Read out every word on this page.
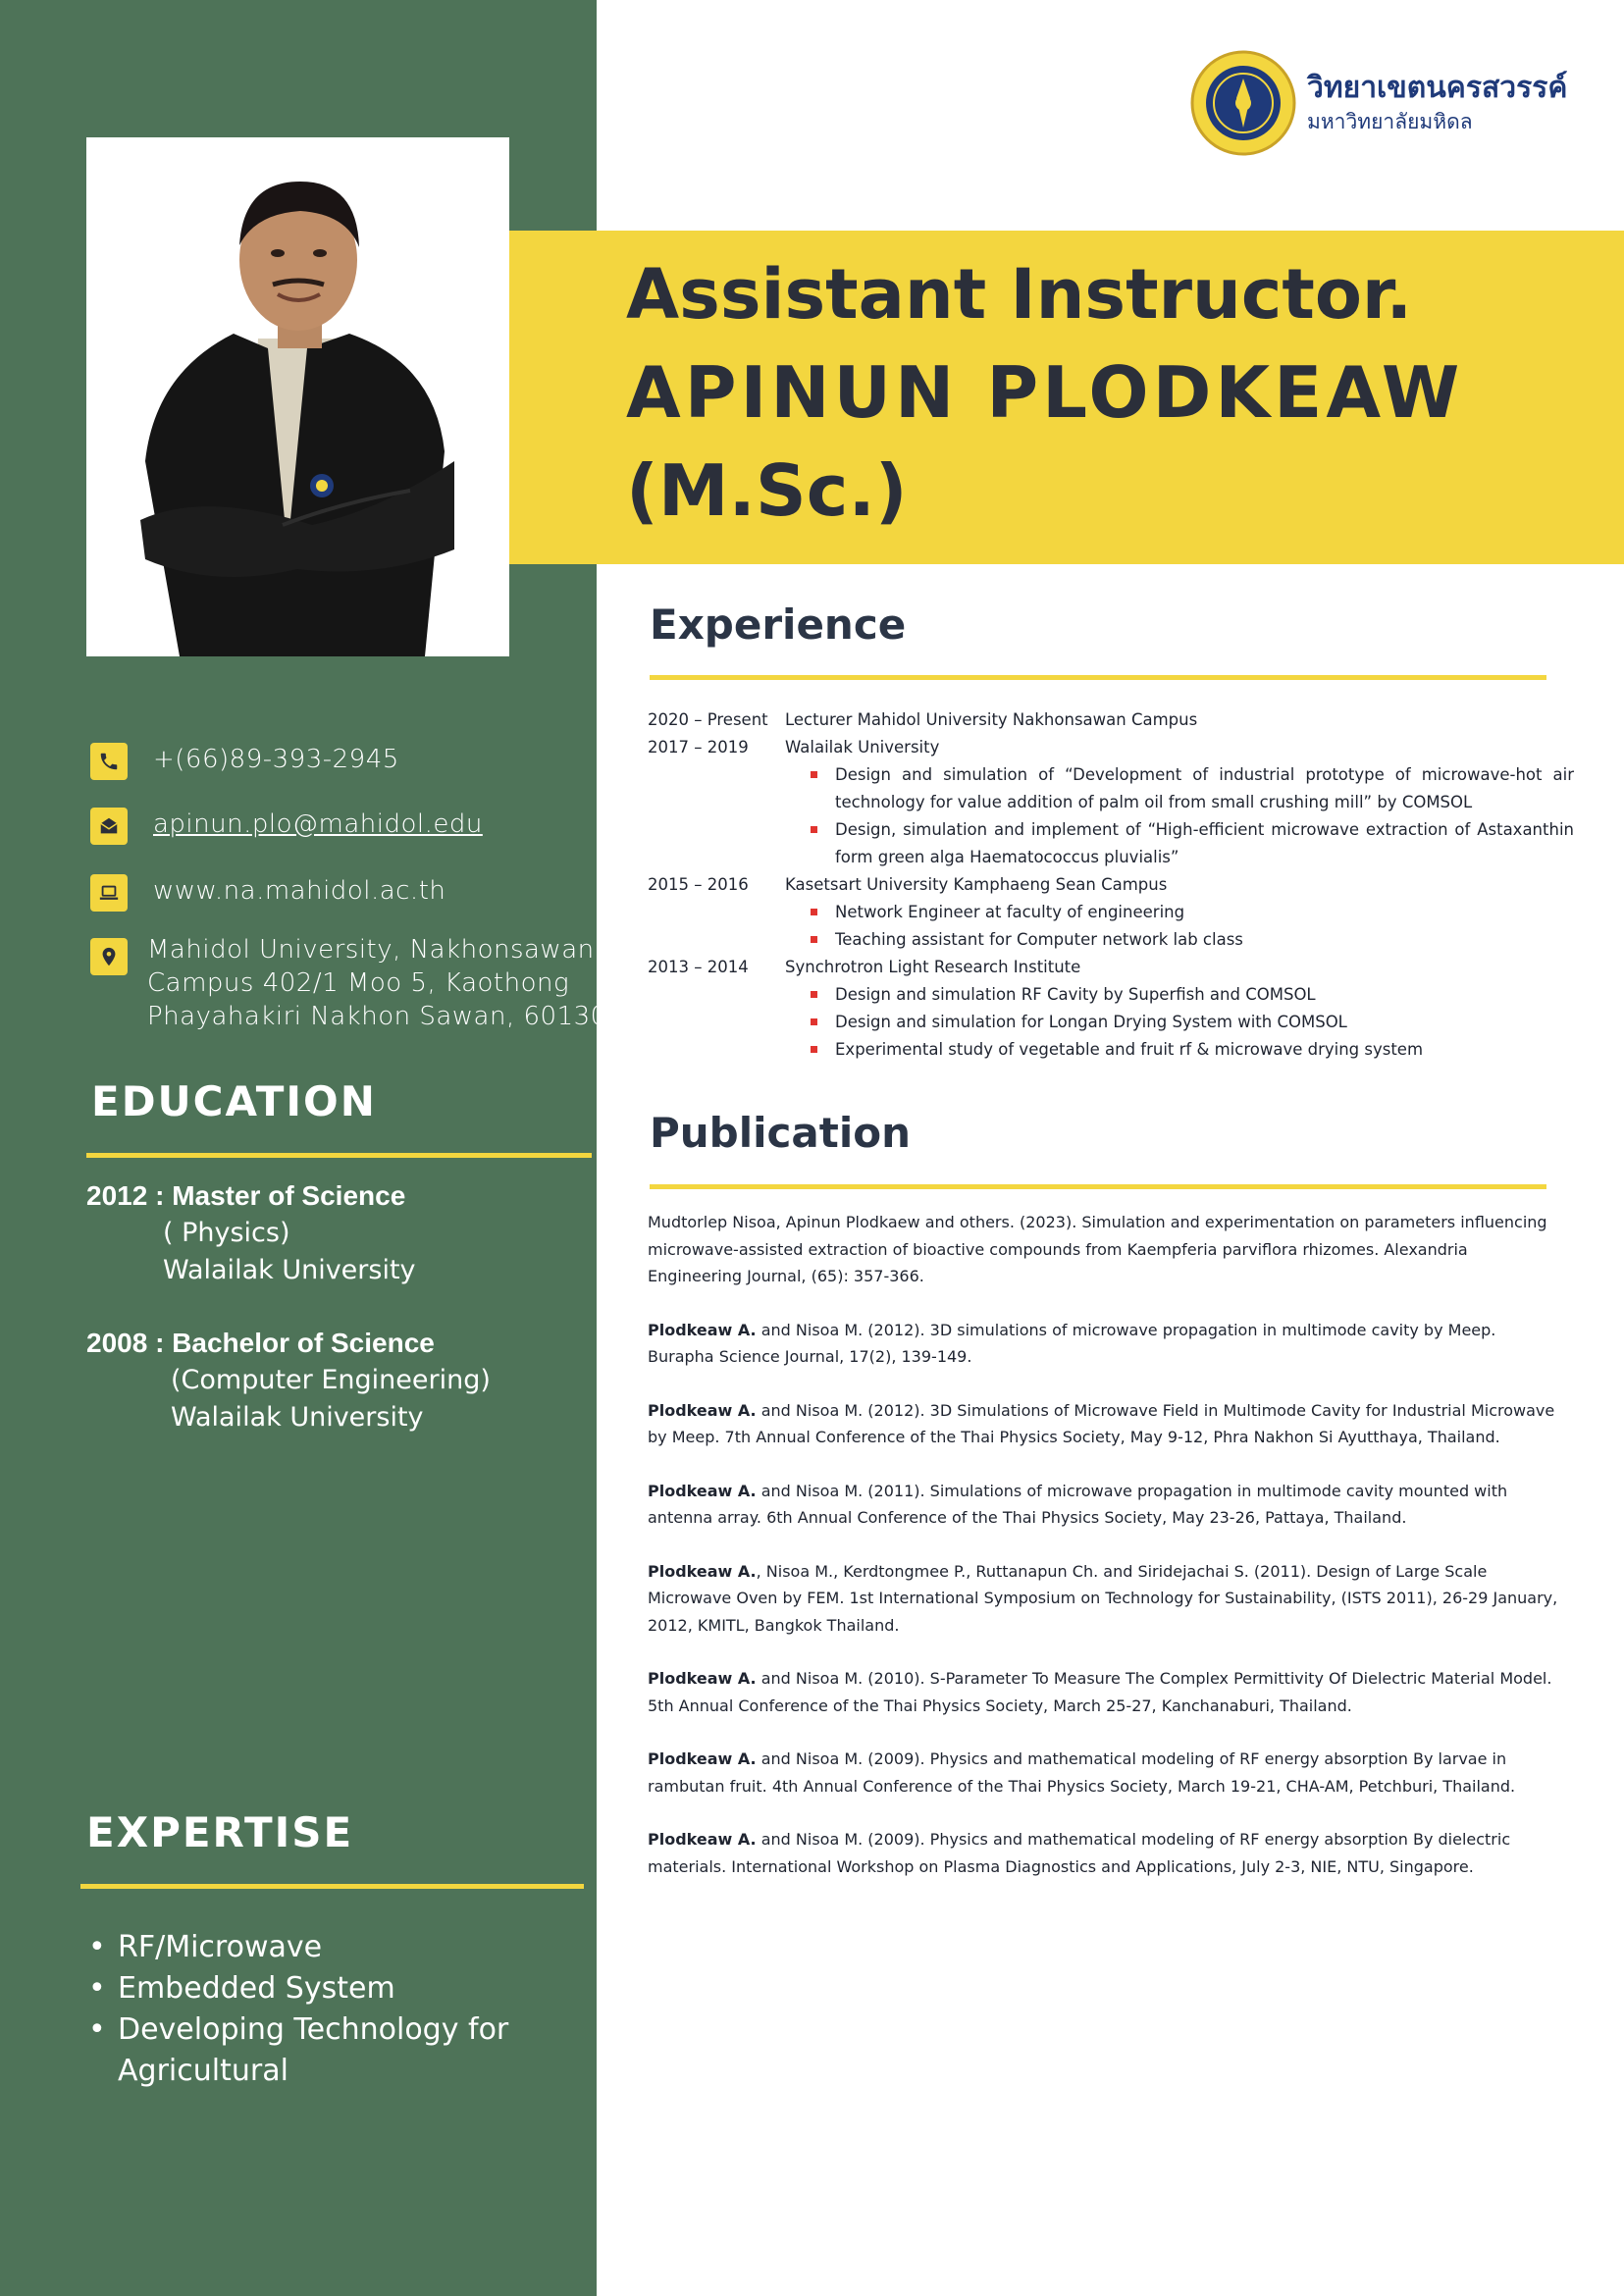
+(66)89-393-2945
apinun.plo@mahidol.edu
www.na.mahidol.ac.th
Mahidol University, Nakhonsawan
Campus 402/1 Moo 5, Kaothong
Phayahakiri Nakhon Sawan, 60130
EDUCATION
2012 : Master of Science
( Physics)
Walailak University
2008 : Bachelor of Science
(Computer Engineering)
Walailak University
EXPERTISE
• RF/Microwave
• Embedded System
• Developing Technology for
Agricultural
วิทยาเขตนครสวรรค์
มหาวิทยาลัยมหิดล
Assistant Instructor.
APINUN PLODKEAW
(M.Sc.)
Experience
2020 – Present	Lecturer Mahidol University Nakhonsawan Campus
2017 – 2019	Walailak University
Design and simulation of “Development of industrial prototype of microwave-hot air technology for value addition of palm oil from small crushing mill” by COMSOL
Design, simulation and implement of “High-efficient microwave extraction of Astaxanthin form green alga Haematococcus pluvialis”
2015 – 2016	Kasetsart University Kamphaeng Sean Campus
Network Engineer at faculty of engineering
Teaching assistant for Computer network lab class
2013 – 2014	Synchrotron Light Research Institute
Design and simulation RF Cavity by Superfish and COMSOL
Design and simulation for Longan Drying System with COMSOL
Experimental study of vegetable and fruit rf & microwave drying system
Publication

Mudtorlep Nisoa, Apinun Plodkaew and others. (2023). Simulation and experimentation on parameters influencing microwave-assisted extraction of bioactive compounds from Kaempferia parviflora rhizomes. Alexandria Engineering Journal, (65): 357-366.

Plodkeaw A. and Nisoa M. (2012). 3D simulations of microwave propagation in multimode cavity by Meep. Burapha Science Journal, 17(2), 139-149.

Plodkeaw A. and Nisoa M. (2012). 3D Simulations of Microwave Field in Multimode Cavity for Industrial Microwave by Meep. 7th Annual Conference of the Thai Physics Society, May 9-12, Phra Nakhon Si Ayutthaya, Thailand.

Plodkeaw A. and Nisoa M. (2011). Simulations of microwave propagation in multimode cavity mounted with antenna array. 6th Annual Conference of the Thai Physics Society, May 23-26, Pattaya, Thailand.

Plodkeaw A., Nisoa M., Kerdtongmee P., Ruttanapun Ch. and Siridejachai S. (2011). Design of Large Scale Microwave Oven by FEM. 1st International Symposium on Technology for Sustainability, (ISTS 2011), 26-29 January, 2012, KMITL, Bangkok Thailand.

Plodkeaw A. and Nisoa M. (2010). S-Parameter To Measure The Complex Permittivity Of Dielectric Material Model. 5th Annual Conference of the Thai Physics Society, March 25-27, Kanchanaburi, Thailand.

Plodkeaw A. and Nisoa M. (2009). Physics and mathematical modeling of RF energy absorption By larvae in rambutan fruit. 4th Annual Conference of the Thai Physics Society, March 19-21, CHA-AM, Petchburi, Thailand.

Plodkeaw A. and Nisoa M. (2009). Physics and mathematical modeling of RF energy absorption By dielectric materials. International Workshop on Plasma Diagnostics and Applications, July 2-3, NIE, NTU, Singapore.
